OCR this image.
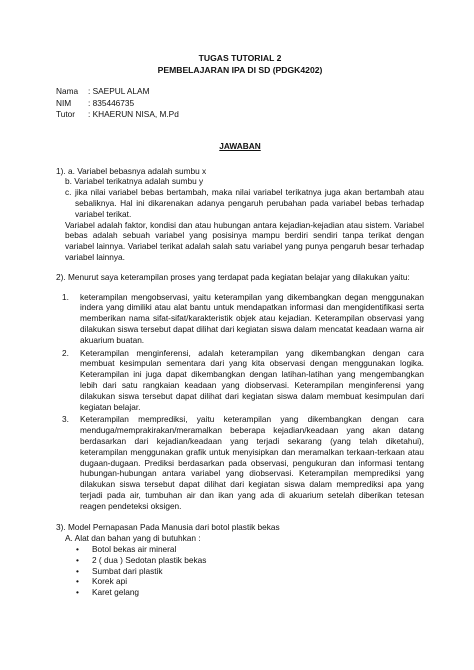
TUGAS TUTORIAL 2
PEMBELAJARAN IPA DI SD (PDGK4202)
Nama	: SAEPUL ALAM
NIM	: 835446735
Tutor	: KHAERUN NISA, M.Pd
JAWABAN

1). a. Variabel bebasnya adalah sumbu x

b. Variabel terikatnya adalah sumbu y

c. jika nilai variabel bebas bertambah, maka nilai variabel terikatnya juga akan bertambah atau sebaliknya. Hal ini dikarenakan adanya pengaruh perubahan pada variabel bebas terhadap variabel terikat.

Variabel adalah faktor, kondisi dan atau hubungan antara kejadian-kejadian atau sistem. Variabel bebas adalah sebuah variabel yang posisinya mampu berdiri sendiri tanpa terikat dengan variabel lainnya. Variabel terikat adalah salah satu variabel yang punya pengaruh besar terhadap variabel lainnya.

2). Menurut saya keterampilan proses yang terdapat pada kegiatan belajar yang dilakukan yaitu:

1.	keterampilan mengobservasi, yaitu keterampilan yang dikembangkan degan menggunakan indera yang dimiliki atau alat bantu untuk mendapatkan informasi dan mengidentifikasi serta memberikan nama sifat-sifat/karakteristik objek atau kejadian. Keterampilan observasi yang dilakukan siswa tersebut dapat dilihat dari kegiatan siswa dalam mencatat keadaan warna air akuarium buatan.
2.	Keterampilan menginferensi, adalah keterampilan yang dikembangkan dengan cara membuat kesimpulan sementara dari yang kita observasi dengan menggunakan logika. Keterampilan ini juga dapat dikembangkan dengan latihan-latihan yang mengembangkan lebih dari satu rangkaian keadaan yang diobservasi. Keterampilan menginferensi yang dilakukan siswa tersebut dapat dilihat dari kegiatan siswa dalam membuat kesimpulan dari kegiatan belajar.
3.	Keterampilan memprediksi, yaitu keterampilan yang dikembangkan dengan cara menduga/memprakirakan/meramalkan beberapa kejadian/keadaan yang akan datang berdasarkan dari kejadian/keadaan yang terjadi sekarang (yang telah diketahui), keterampilan menggunakan grafik untuk menyisipkan dan meramalkan terkaan-terkaan atau dugaan-dugaan. Prediksi berdasarkan pada observasi, pengukuran dan informasi tentang hubungan-hubungan antara variabel yang diobservasi. Keterampilan memprediksi yang dilakukan siswa tersebut dapat dilihat dari kegiatan siswa dalam memprediksi apa yang terjadi pada air, tumbuhan air dan ikan yang ada di akuarium setelah diberikan tetesan reagen pendeteksi oksigen.

3). Model Pernapasan Pada Manusia dari botol plastik bekas

A. Alat dan bahan yang di butuhkan :

•	Botol bekas air mineral
•	2 ( dua ) Sedotan plastik bekas
•	Sumbat dari plastik
•	Korek api
•	Karet gelang
